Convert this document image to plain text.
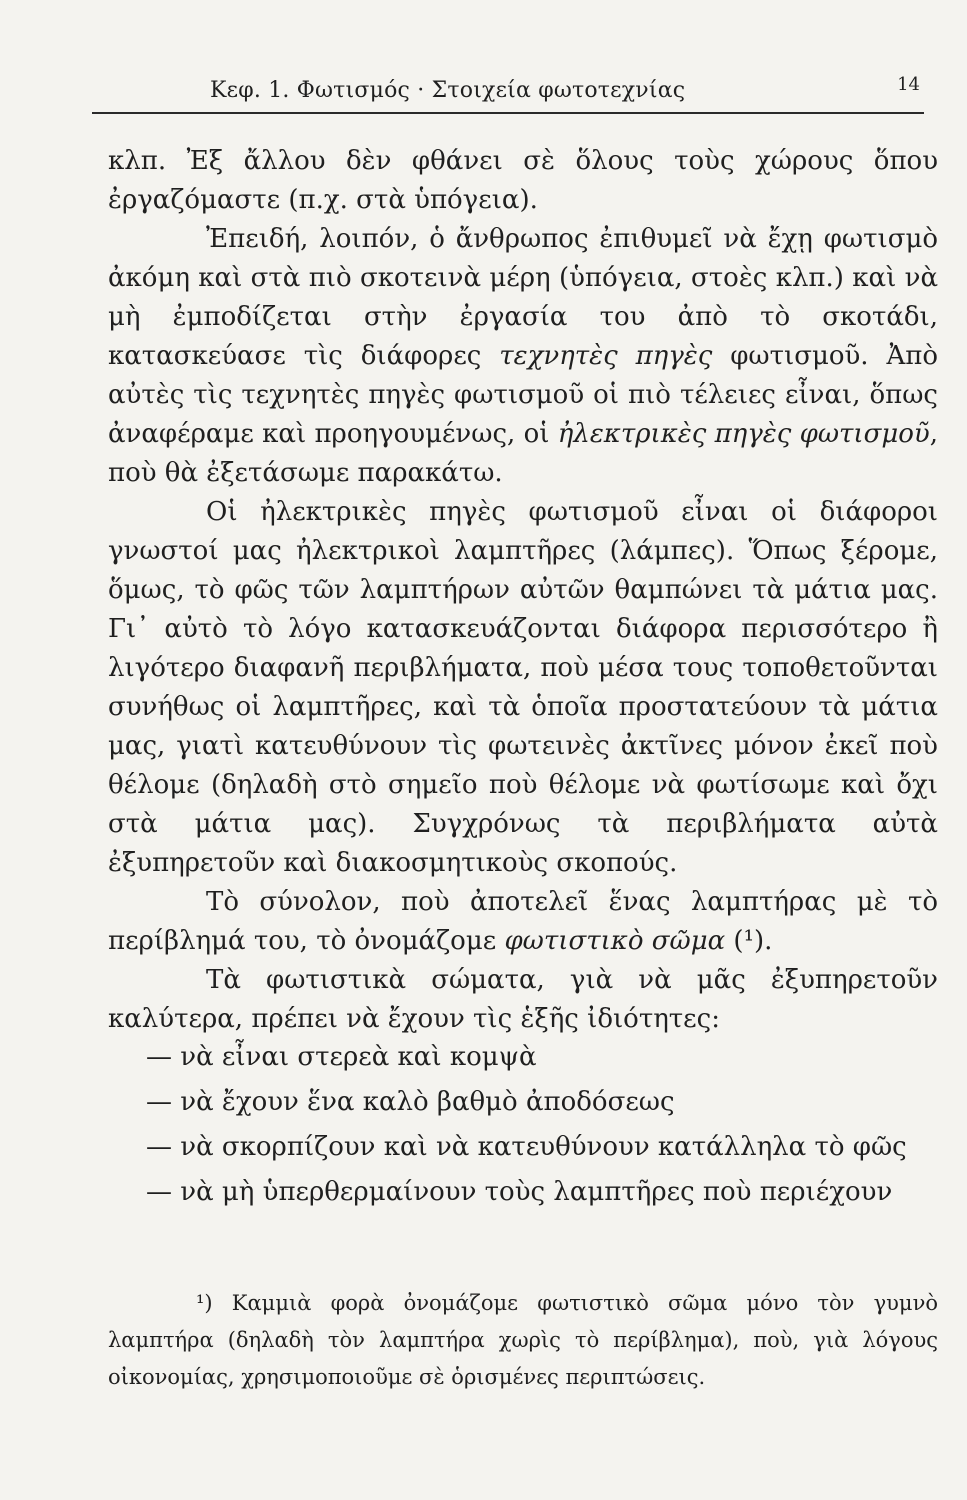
Κεφ. 1. Φωτισμός · Στοιχεία φωτοτεχνίας	14

κλπ. Ἐξ ἄλλου δὲν φθάνει σὲ ὅλους τοὺς χώρους ὅπου ἐργαζόμαστε (π.χ. στὰ ὑπόγεια).

Ἐπειδή, λοιπόν, ὁ ἄνθρωπος ἐπιθυμεῖ νὰ ἔχῃ φωτισμὸ ἀκόμη καὶ στὰ πιὸ σκοτεινὰ μέρη (ὑπόγεια, στοὲς κλπ.) καὶ νὰ μὴ ἐμποδίζεται στὴν ἐργασία του ἀπὸ τὸ σκοτάδι, κατασκεύασε τὶς διάφορες τεχνητὲς πηγὲς φωτισμοῦ. Ἀπὸ αὐτὲς τὶς τεχνητὲς πηγὲς φωτισμοῦ οἱ πιὸ τέλειες εἶναι, ὅπως ἀναφέραμε καὶ προηγουμένως, οἱ ἠλεκτρικὲς πηγὲς φωτισμοῦ, ποὺ θὰ ἐξετάσωμε παρακάτω.

Οἱ ἠλεκτρικὲς πηγὲς φωτισμοῦ εἶναι οἱ διάφοροι γνωστοί μας ἠλεκτρικοὶ λαμπτῆρες (λάμπες). Ὅπως ξέρομε, ὅμως, τὸ φῶς τῶν λαμπτήρων αὐτῶν θαμπώνει τὰ μάτια μας. Γι᾽ αὐτὸ τὸ λόγο κατασκευάζονται διάφορα περισσότερο ἢ λιγότερο διαφανῆ περιβλήματα, ποὺ μέσα τους τοποθετοῦνται συνήθως οἱ λαμπτῆρες, καὶ τὰ ὁποῖα προστατεύουν τὰ μάτια μας, γιατὶ κατευθύνουν τὶς φωτεινὲς ἀκτῖνες μόνον ἐκεῖ ποὺ θέλομε (δηλαδὴ στὸ σημεῖο ποὺ θέλομε νὰ φωτίσωμε καὶ ὄχι στὰ μάτια μας). Συγχρόνως τὰ περιβλήματα αὐτὰ ἐξυπηρετοῦν καὶ διακοσμητικοὺς σκοπούς.

Τὸ σύνολον, ποὺ ἀποτελεῖ ἕνας λαμπτήρας μὲ τὸ περίβλημά του, τὸ ὀνομάζομε φωτιστικὸ σῶμα (¹).

Τὰ φωτιστικὰ σώματα, γιὰ νὰ μᾶς ἐξυπηρετοῦν καλύτερα, πρέπει νὰ ἔχουν τὶς ἑξῆς ἰδιότητες:

— νὰ εἶναι στερεὰ καὶ κομψὰ
— νὰ ἔχουν ἕνα καλὸ βαθμὸ ἀποδόσεως
— νὰ σκορπίζουν καὶ νὰ κατευθύνουν κατάλληλα τὸ φῶς
— νὰ μὴ ὑπερθερμαίνουν τοὺς λαμπτῆρες ποὺ περιέχουν
¹) Καμμιὰ φορὰ ὀνομάζομε φωτιστικὸ σῶμα μόνο τὸν γυμνὸ λαμπτήρα (δηλαδὴ τὸν λαμπτήρα χωρὶς τὸ περίβλημα), ποὺ, γιὰ λόγους οἰκονομίας, χρησιμοποιοῦμε σὲ ὁρισμένες περιπτώσεις.
